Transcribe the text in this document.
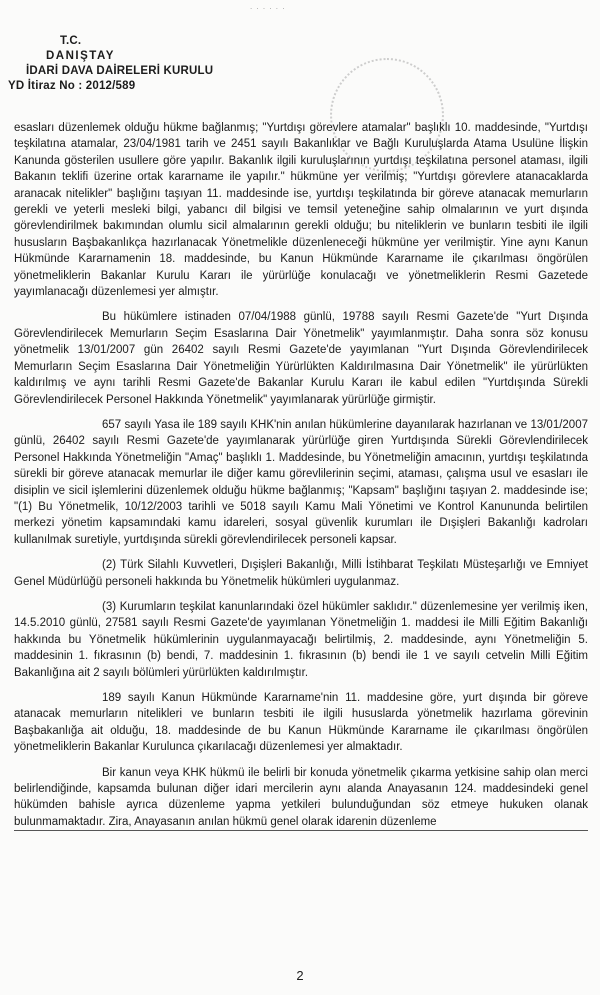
. . . . . .
T.C.
DANIŞTAY
İDARİ DAVA DAİRELERİ KURULU
YD İtiraz No : 2012/589

esasları düzenlemek olduğu hükme bağlanmış; "Yurtdışı görevlere atamalar" başlıklı 10. maddesinde, "Yurtdışı teşkilatına atamalar, 23/04/1981 tarih ve 2451 sayılı Bakanlıklar ve Bağlı Kuruluşlarda Atama Usulüne İlişkin Kanunda gösterilen usullere göre yapılır. Bakanlık ilgili kuruluşlarının yurtdışı teşkilatına personel ataması, ilgili Bakanın teklifi üzerine ortak kararname ile yapılır." hükmüne yer verilmiş; "Yurtdışı görevlere atanacaklarda aranacak nitelikler" başlığını taşıyan 11. maddesinde ise, yurtdışı teşkilatında bir göreve atanacak memurların gerekli ve yeterli mesleki bilgi, yabancı dil bilgisi ve temsil yeteneğine sahip olmalarının ve yurt dışında görevlendirilmek bakımından olumlu sicil almalarının gerekli olduğu; bu niteliklerin ve bunların tesbiti ile ilgili hususların Başbakanlıkça hazırlanacak Yönetmelikle düzenleneceği hükmüne yer verilmiştir. Yine aynı Kanun Hükmünde Kararnamenin 18. maddesinde, bu Kanun Hükmünde Kararname ile çıkarılması öngörülen yönetmeliklerin Bakanlar Kurulu Kararı ile yürürlüğe konulacağı ve yönetmeliklerin Resmi Gazetede yayımlanacağı düzenlemesi yer almıştır.

Bu hükümlere istinaden 07/04/1988 günlü, 19788 sayılı Resmi Gazete'de "Yurt Dışında Görevlendirilecek Memurların Seçim Esaslarına Dair Yönetmelik" yayımlanmıştır. Daha sonra söz konusu yönetmelik 13/01/2007 gün 26402 sayılı Resmi Gazete'de yayımlanan "Yurt Dışında Görevlendirilecek Memurların Seçim Esaslarına Dair Yönetmeliğin Yürürlükten Kaldırılmasına Dair Yönetmelik" ile yürürlükten kaldırılmış ve aynı tarihli Resmi Gazete'de Bakanlar Kurulu Kararı ile kabul edilen "Yurtdışında Sürekli Görevlendirilecek Personel Hakkında Yönetmelik" yayımlanarak yürürlüğe girmiştir.

657 sayılı Yasa ile 189 sayılı KHK'nin anılan hükümlerine dayanılarak hazırlanan ve 13/01/2007 günlü, 26402 sayılı Resmi Gazete'de yayımlanarak yürürlüğe giren Yurtdışında Sürekli Görevlendirilecek Personel Hakkında Yönetmeliğin "Amaç" başlıklı 1. Maddesinde, bu Yönetmeliğin amacının, yurtdışı teşkilatında sürekli bir göreve atanacak memurlar ile diğer kamu görevlilerinin seçimi, ataması, çalışma usul ve esasları ile disiplin ve sicil işlemlerini düzenlemek olduğu hükme bağlanmış; "Kapsam" başlığını taşıyan 2. maddesinde ise; "(1) Bu Yönetmelik, 10/12/2003 tarihli ve 5018 sayılı Kamu Mali Yönetimi ve Kontrol Kanununda belirtilen merkezi yönetim kapsamındaki kamu idareleri, sosyal güvenlik kurumları ile Dışişleri Bakanlığı kadroları kullanılmak suretiyle, yurtdışında sürekli görevlendirilecek personeli kapsar.

(2) Türk Silahlı Kuvvetleri, Dışişleri Bakanlığı, Milli İstihbarat Teşkilatı Müsteşarlığı ve Emniyet Genel Müdürlüğü personeli hakkında bu Yönetmelik hükümleri uygulanmaz.

(3) Kurumların teşkilat kanunlarındaki özel hükümler saklıdır." düzenlemesine yer verilmiş iken, 14.5.2010 günlü, 27581 sayılı Resmi Gazete'de yayımlanan Yönetmeliğin 1. maddesi ile Milli Eğitim Bakanlığı hakkında bu Yönetmelik hükümlerinin uygulanmayacağı belirtilmiş, 2. maddesinde, aynı Yönetmeliğin 5. maddesinin 1. fıkrasının (b) bendi, 7. maddesinin 1. fıkrasının (b) bendi ile 1 ve sayılı cetvelin Milli Eğitim Bakanlığına ait 2 sayılı bölümleri yürürlükten kaldırılmıştır.

189 sayılı Kanun Hükmünde Kararname'nin 11. maddesine göre, yurt dışında bir göreve atanacak memurların nitelikleri ve bunların tesbiti ile ilgili hususlarda yönetmelik hazırlama görevinin Başbakanlığa ait olduğu, 18. maddesinde de bu Kanun Hükmünde Kararname ile çıkarılması öngörülen yönetmeliklerin Bakanlar Kurulunca çıkarılacağı düzenlemesi yer almaktadır.

Bir kanun veya KHK hükmü ile belirli bir konuda yönetmelik çıkarma yetkisine sahip olan merci belirlendiğinde, kapsamda bulunan diğer idari mercilerin aynı alanda Anayasanın 124. maddesindeki genel hükümden bahisle ayrıca düzenleme yapma yetkileri bulunduğundan söz etmeye hukuken olanak bulunmamaktadır. Zira, Anayasanın anılan hükmü genel olarak idarenin düzenleme

2
